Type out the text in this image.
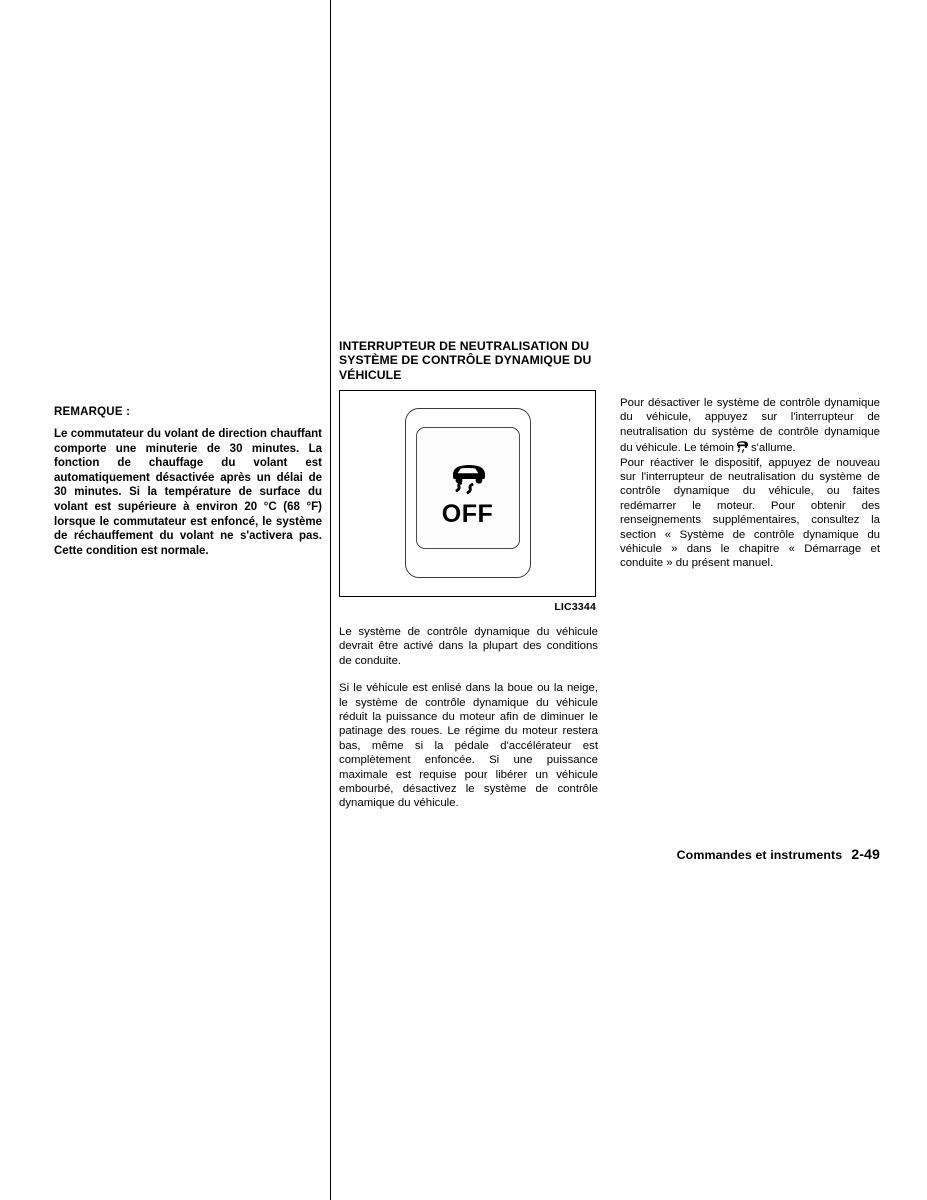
REMARQUE :

Le commutateur du volant de direction chauffant comporte une minuterie de 30 minutes. La fonction de chauffage du volant est automatiquement désactivée après un délai de 30 minutes. Si la température de surface du volant est supérieure à environ 20 °C (68 °F) lorsque le commutateur est enfoncé, le système de réchauffement du volant ne s'activera pas. Cette condition est normale.

INTERRUPTEUR DE NEUTRALISATION DU SYSTÈME DE CONTRÔLE DYNAMIQUE DU VÉHICULE
OFF
LIC3344

Le système de contrôle dynamique du véhicule devrait être activé dans la plupart des conditions de conduite.

Si le véhicule est enlisé dans la boue ou la neige, le système de contrôle dynamique du véhicule réduit la puissance du moteur afin de diminuer le patinage des roues. Le régime du moteur restera bas, même si la pédale d'accélérateur est complètement enfoncée. Si une puissance maximale est requise pour libérer un véhicule embourbé, désactivez le système de contrôle dynamique du véhicule.

Pour désactiver le système de contrôle dynamique du véhicule, appuyez sur l'interrupteur de neutralisation du système de contrôle dynamique du véhicule. Le témoin s'allume.

Pour réactiver le dispositif, appuyez de nouveau sur l'interrupteur de neutralisation du système de contrôle dynamique du véhicule, ou faites redémarrer le moteur. Pour obtenir des renseignements supplémentaires, consultez la section « Système de contrôle dynamique du véhicule » dans le chapitre « Démarrage et conduite » du présent manuel.

Commandes et instruments 2-49
